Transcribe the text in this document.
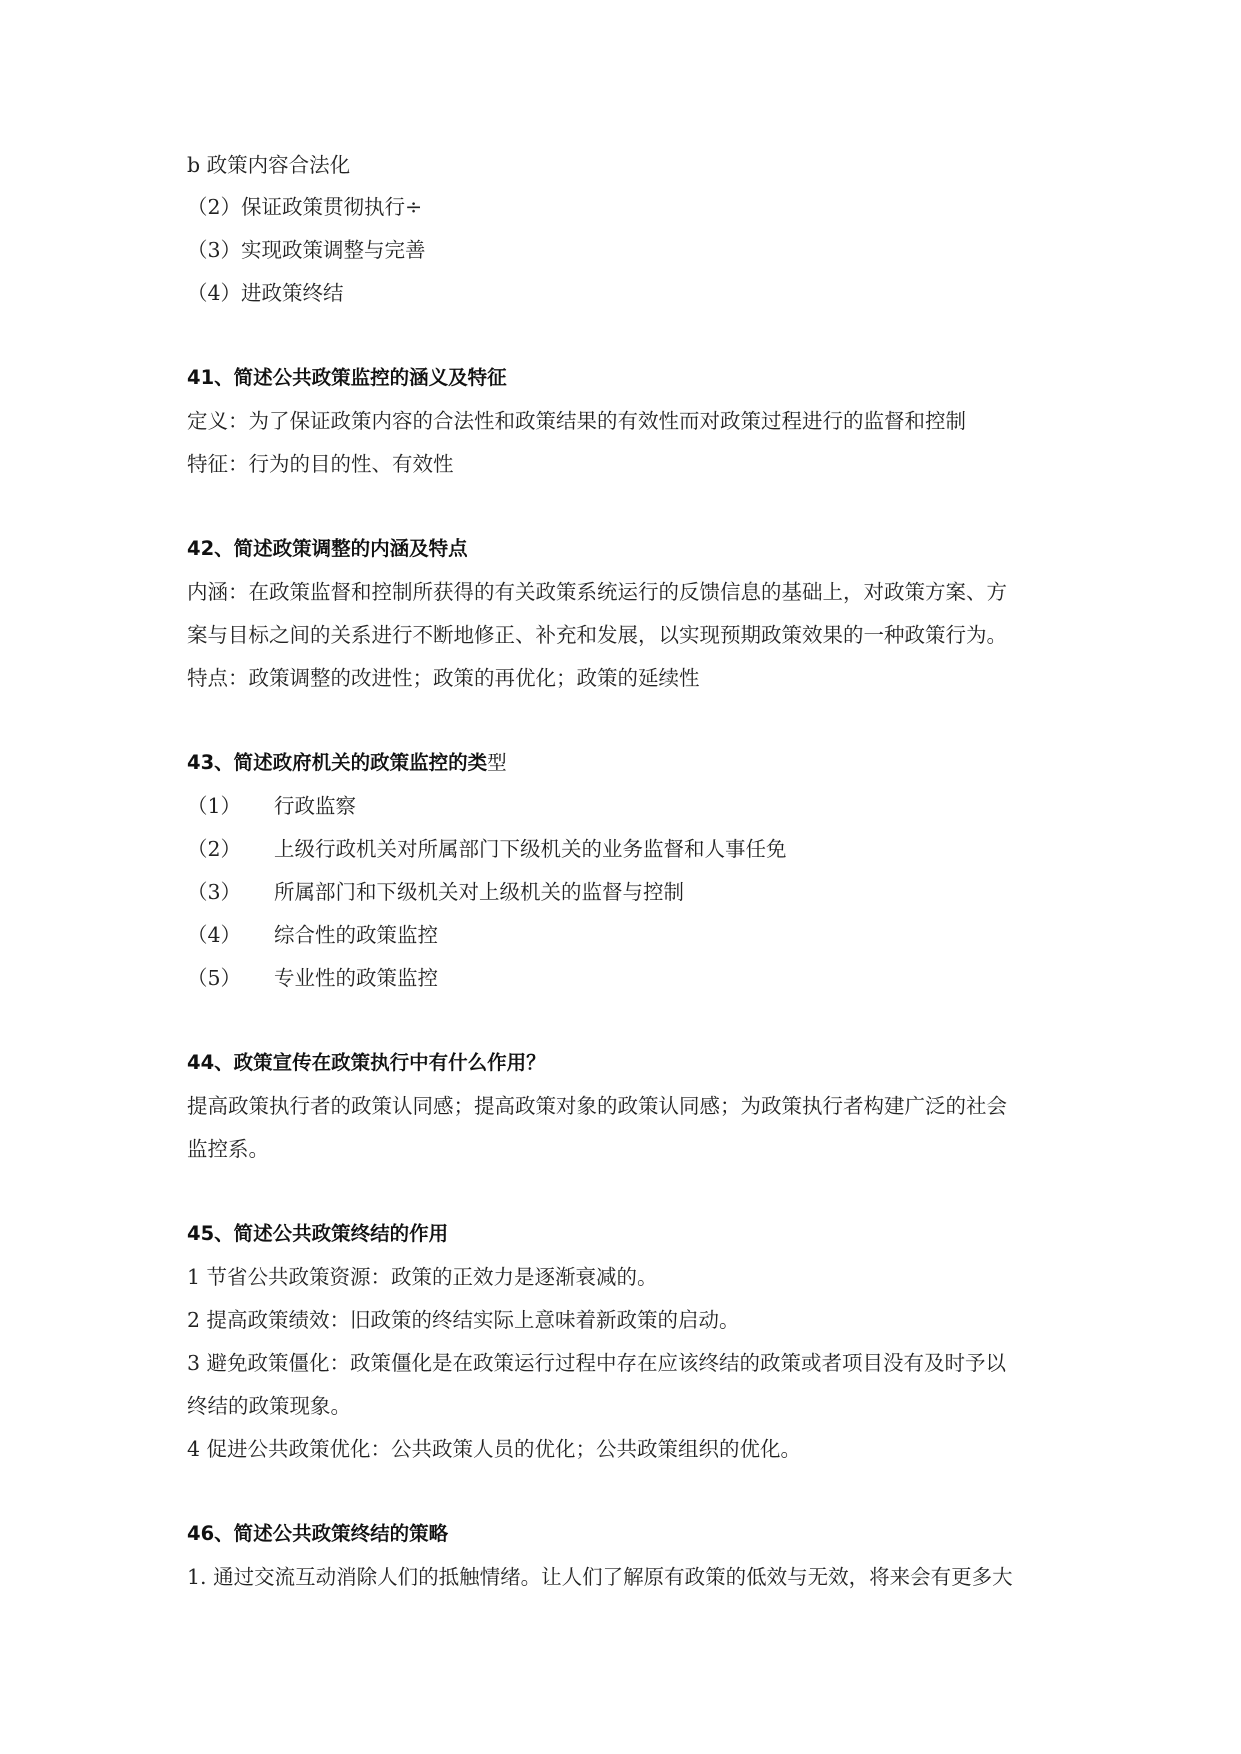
b 政策内容合法化
（2）保证政策贯彻执行÷
（3）实现政策调整与完善
（4）进政策终结
41、简述公共政策监控的涵义及特征
定义：为了保证政策内容的合法性和政策结果的有效性而对政策过程进行的监督和控制
特征：行为的目的性、有效性
42、简述政策调整的内涵及特点
内涵：在政策监督和控制所获得的有关政策系统运行的反馈信息的基础上，对政策方案、方
案与目标之间的关系进行不断地修正、补充和发展，以实现预期政策效果的一种政策行为。
特点：政策调整的改进性；政策的再优化；政策的延续性
43、简述政府机关的政策监控的类型
（1） 行政监察
（2） 上级行政机关对所属部门下级机关的业务监督和人事任免
（3） 所属部门和下级机关对上级机关的监督与控制
（4） 综合性的政策监控
（5） 专业性的政策监控
44、政策宣传在政策执行中有什么作用？
提高政策执行者的政策认同感；提高政策对象的政策认同感；为政策执行者构建广泛的社会
监控系。
45、简述公共政策终结的作用
1 节省公共政策资源：政策的正效力是逐渐衰减的。
2 提高政策绩效：旧政策的终结实际上意味着新政策的启动。
3 避免政策僵化：政策僵化是在政策运行过程中存在应该终结的政策或者项目没有及时予以
终结的政策现象。
4 促进公共政策优化：公共政策人员的优化；公共政策组织的优化。
46、简述公共政策终结的策略
1. 通过交流互动消除人们的抵触情绪。让人们了解原有政策的低效与无效，将来会有更多大
